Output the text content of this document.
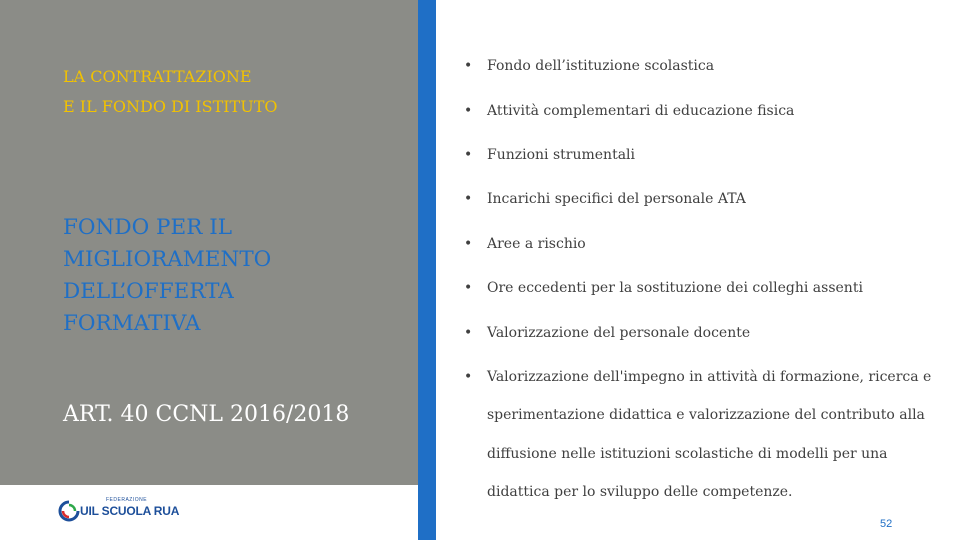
LA CONTRATTAZIONE
E IL FONDO DI ISTITUTO
FONDO PER IL
MIGLIORAMENTO
DELL’OFFERTA
FORMATIVA
ART. 40 CCNL 2016/2018
•	Fondo dell’istituzione scolastica
•	Attività complementari di educazione fisica
•	Funzioni strumentali
•	Incarichi specifici del personale ATA
•	Aree a rischio
•	Ore eccedenti per la sostituzione dei colleghi assenti
•	Valorizzazione del personale docente
•	Valorizzazione dell'impegno in attività di formazione, ricerca e
sperimentazione didattica e valorizzazione del contributo alla
diffusione nelle istituzioni scolastiche di modelli per una
didattica per lo sviluppo delle competenze.
FEDERAZIONE
UIL SCUOLA RUA
52
